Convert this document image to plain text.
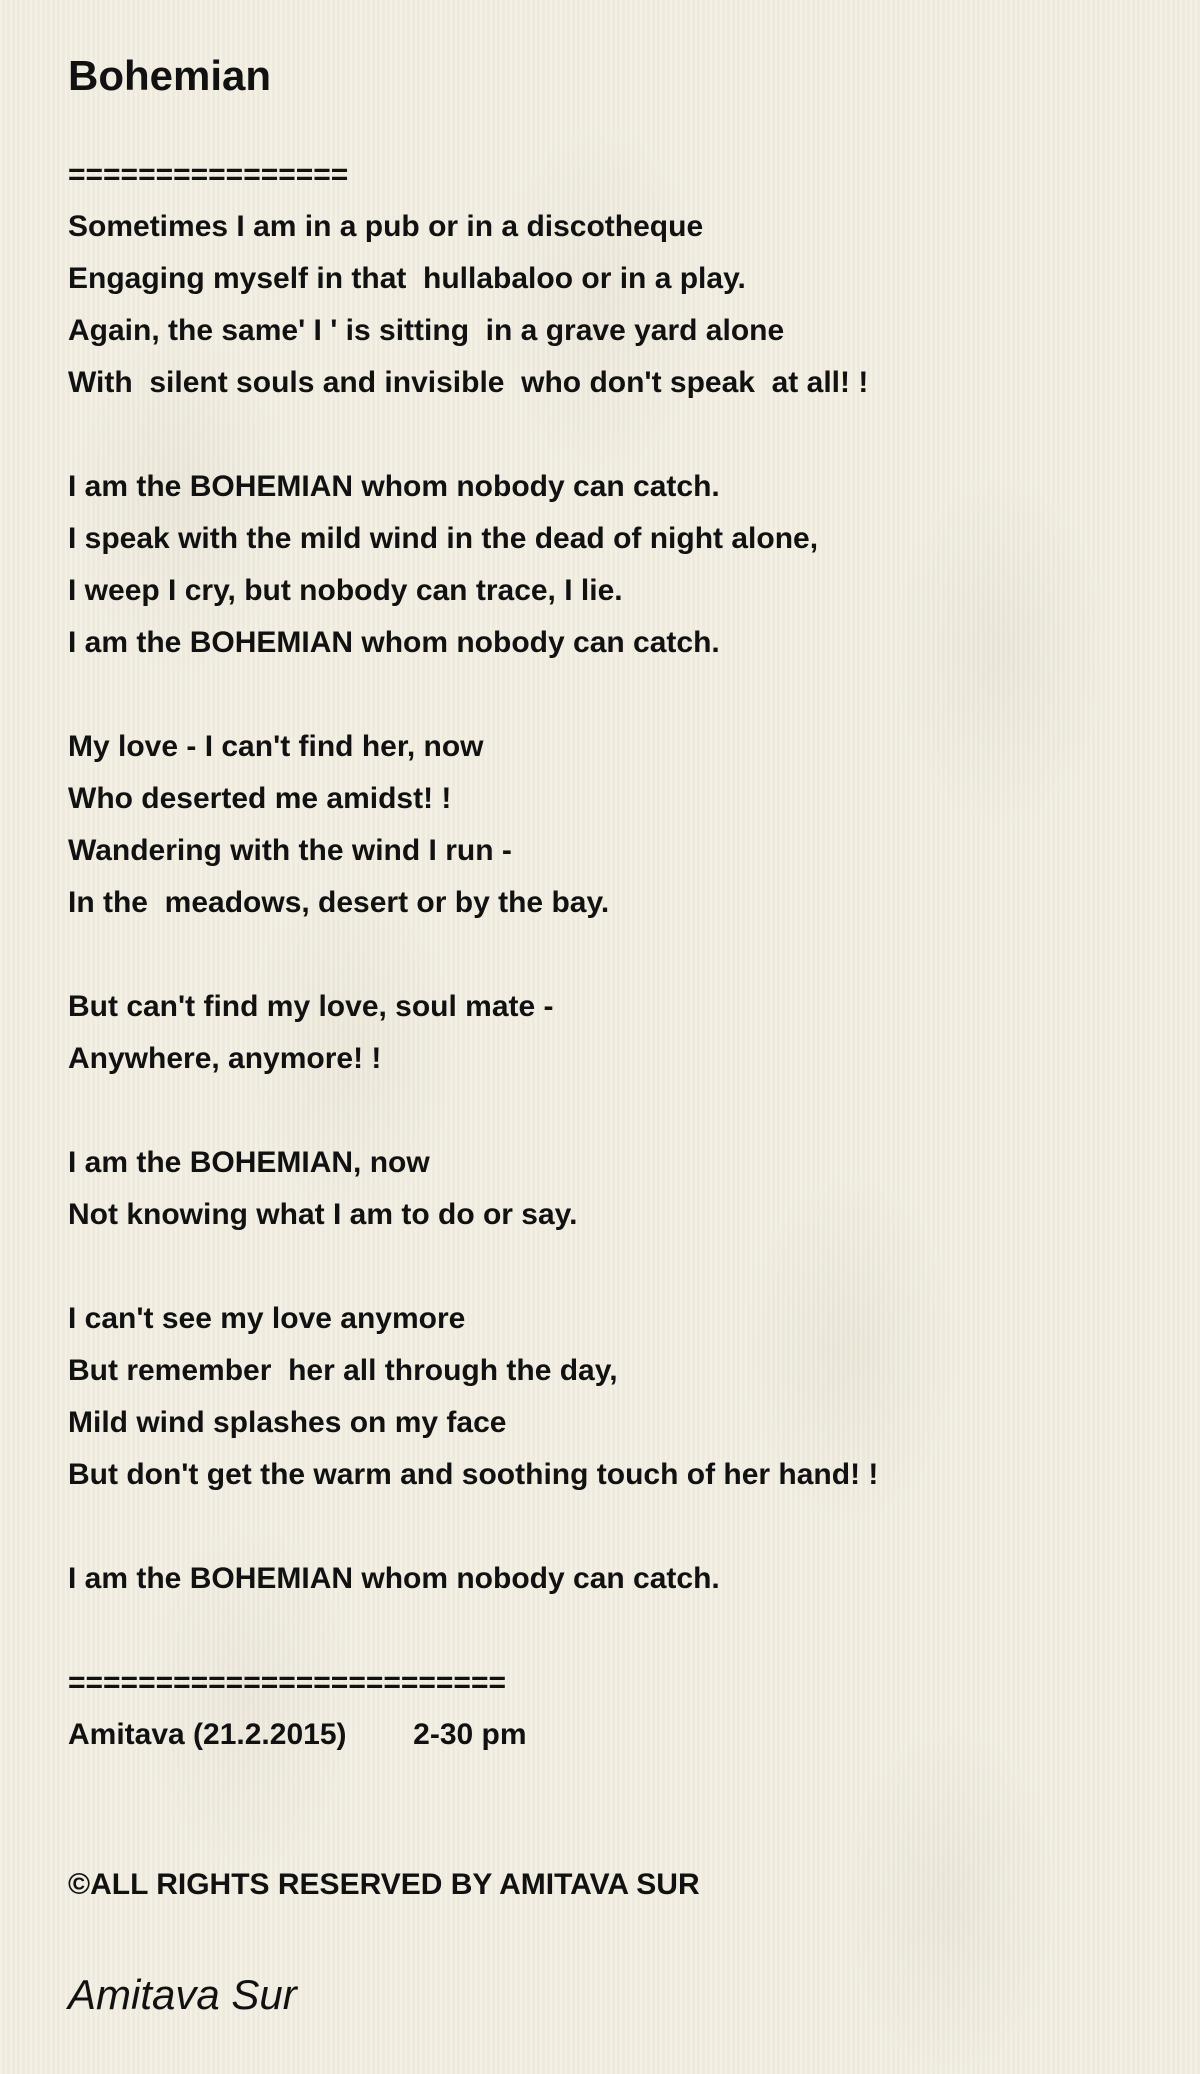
Bohemian
================
Sometimes I am in a pub or in a discotheque
Engaging myself in that  hullabaloo or in a play.
Again, the same' I ' is sitting  in a grave yard alone
With  silent souls and invisible  who don't speak  at all! !
I am the BOHEMIAN whom nobody can catch.
I speak with the mild wind in the dead of night alone,
I weep I cry, but nobody can trace, I lie.
I am the BOHEMIAN whom nobody can catch.
My love - I can't find her, now
Who deserted me amidst! !
Wandering with the wind I run -
In the  meadows, desert or by the bay.
But can't find my love, soul mate -
Anywhere, anymore! !
I am the BOHEMIAN, now
Not knowing what I am to do or say.
I can't see my love anymore
But remember  her all through the day,
Mild wind splashes on my face
But don't get the warm and soothing touch of her hand! !
I am the BOHEMIAN whom nobody can catch.
=========================
Amitava (21.2.2015)        2-30 pm
©ALL RIGHTS RESERVED BY AMITAVA SUR
Amitava Sur
